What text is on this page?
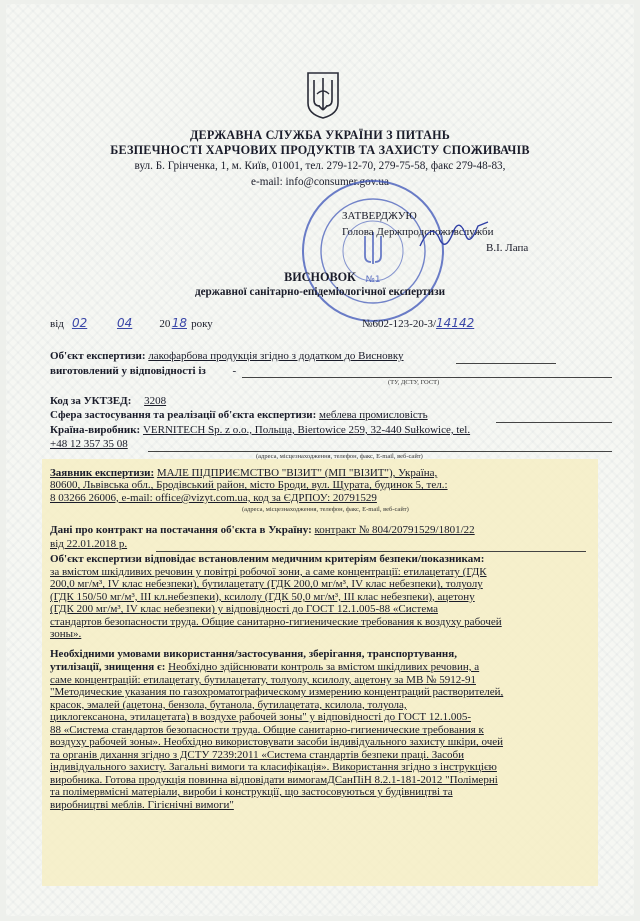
ДЕРЖАВНА СЛУЖБА УКРАЇНИ З ПИТАНЬ
БЕЗПЕЧНОСТІ ХАРЧОВИХ ПРОДУКТІВ ТА ЗАХИСТУ СПОЖИВАЧІВ
вул. Б. Грінченка, 1, м. Київ, 01001, тел. 279-12-70, 279-75-58, факс 279-48-83,
e-mail: info@consumer.gov.ua
№1
ЗАТВЕРДЖУЮ
Голова Держпродспоживслужби
В.І. Лапа
ВИСНОВОК
державної санітарно-епідеміологічної експертизи
від 02 04 2018 року	№602-123-20-3/14142
Об'єкт експертизи: лакофарбова продукція згідно з додатком до Висновку
виготовлений у відповідності із -
(ТУ, ДСТУ, ГОСТ)
Код за УКТЗЕД: 3208
Сфера застосування та реалізації об'єкта експертизи: меблева промисловість
Країна-виробник: VERNITECH Sp. z o.o., Польща, Biertowice 259, 32-440 Sułkowice, tel.
+48 12 357 35 08
(адреса, місцезнаходження, телефон, факс, E-mail, веб-сайт)
Заявник експертизи: МАЛЕ ПІДПРИЄМСТВО "ВІЗИТ" (МП "ВІЗИТ"), Україна,
80600, Львівська обл., Бродівський район, місто Броди, вул. Щурата, будинок 5, тел.:
8 03266 26006, e-mail: office@vizyt.com.ua, код за ЄДРПОУ: 20791529
(адреса, місцезнаходження, телефон, факс, E-mail, веб-сайт)
Дані про контракт на постачання об'єкта в Україну: контракт № 804/20791529/1801/22
від 22.01.2018 р.
Об'єкт експертизи відповідає встановленим медичним критеріям безпеки/показникам:
за вмістом шкідливих речовин у повітрі робочої зони, а саме концентрації: етилацетату (ГДК
200,0 мг/м³, IV клас небезпеки), бутилацетату (ГДК 200,0 мг/м³, IV клас небезпеки), толуолу
(ГДК 150/50 мг/м³, III кл.небезпеки), ксилолу (ГДК 50,0 мг/м³, III клас небезпеки), ацетону
(ГДК 200 мг/м³, IV клас небезпеки) у відповідності до ГОСТ 12.1.005-88 «Система
стандартов безопасности труда. Общие санитарно-гигиенические требования к воздуху рабочей
зоны».
Необхідними умовами використання/застосування, зберігання, транспортування,
утилізації, знищення є: Необхідно здійснювати контроль за вмістом шкідливих речовин, а
саме концентрацій: етилацетату, бутилацетату, толуолу, ксилолу, ацетону за МВ № 5912-91
"Методические указания по газохроматографическому измерению концентраций растворителей,
красок, эмалей (ацетона, бензола, бутанола, бутилацетата, ксилола, толуола,
циклогексанона, этилацетата) в воздухе рабочей зоны" у відповідності до ГОСТ 12.1.005-
88 «Система стандартов безопасности труда. Общие санитарно-гигиенические требования к
воздуху рабочей зоны». Необхідно використовувати засоби індивідуального захисту шкіри, очей
та органів дихання згідно з ДСТУ 7239:2011 «Система стандартів безпеки праці. Засоби
індивідуального захисту. Загальні вимоги та класифікація». Використання згідно з інструкцією
виробника. Готова продукція повинна відповідати вимогамДСанПіН 8.2.1-181-2012 "Полімерні
та полімервмісні матеріали, вироби і конструкції, що застосовуються у будівництві та
виробництві меблів. Гігієнічні вимоги"
